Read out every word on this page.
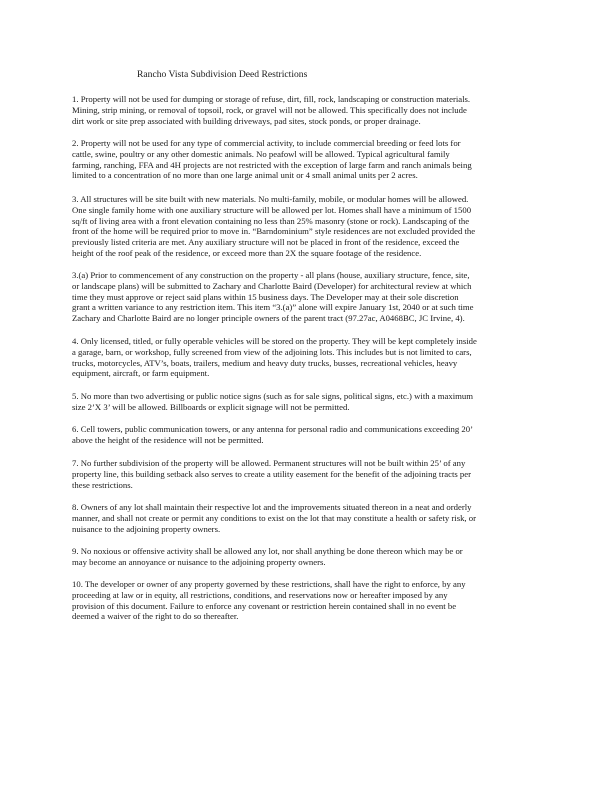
Rancho Vista Subdivision Deed Restrictions

1. Property will not be used for dumping or storage of refuse, dirt, fill, rock, landscaping or construction materials.
Mining, strip mining, or removal of topsoil, rock, or gravel will not be allowed. This specifically does not include
dirt work or site prep associated with building driveways, pad sites, stock ponds, or proper drainage.

2. Property will not be used for any type of commercial activity, to include commercial breeding or feed lots for
cattle, swine, poultry or any other domestic animals. No peafowl will be allowed. Typical agricultural family
farming, ranching, FFA and 4H projects are not restricted with the exception of large farm and ranch animals being
limited to a concentration of no more than one large animal unit or 4 small animal units per 2 acres.

3. All structures will be site built with new materials. No multi-family, mobile, or modular homes will be allowed.
One single family home with one auxiliary structure will be allowed per lot. Homes shall have a minimum of 1500
sq/ft of living area with a front elevation containing no less than 25% masonry (stone or rock). Landscaping of the
front of the home will be required prior to move in. “Barndominium” style residences are not excluded provided the
previously listed criteria are met. Any auxiliary structure will not be placed in front of the residence, exceed the
height of the roof peak of the residence, or exceed more than 2X the square footage of the residence.

3.(a) Prior to commencement of any construction on the property - all plans (house, auxiliary structure, fence, site,
or landscape plans) will be submitted to Zachary and Charlotte Baird (Developer) for architectural review at which
time they must approve or reject said plans within 15 business days. The Developer may at their sole discretion
grant a written variance to any restriction item. This item “3.(a)” alone will expire January 1st, 2040 or at such time
Zachary and Charlotte Baird are no longer principle owners of the parent tract (97.27ac, A0468BC, JC Irvine, 4).

4. Only licensed, titled, or fully operable vehicles will be stored on the property. They will be kept completely inside
a garage, barn, or workshop, fully screened from view of the adjoining lots. This includes but is not limited to cars,
trucks, motorcycles, ATV’s, boats, trailers, medium and heavy duty trucks, busses, recreational vehicles, heavy
equipment, aircraft, or farm equipment.

5. No more than two advertising or public notice signs (such as for sale signs, political signs, etc.) with a maximum
size 2’X 3’ will be allowed. Billboards or explicit signage will not be permitted.

6. Cell towers, public communication towers, or any antenna for personal radio and communications exceeding 20’
above the height of the residence will not be permitted.

7. No further subdivision of the property will be allowed. Permanent structures will not be built within 25’ of any
property line, this building setback also serves to create a utility easement for the benefit of the adjoining tracts per
these restrictions.

8. Owners of any lot shall maintain their respective lot and the improvements situated thereon in a neat and orderly
manner, and shall not create or permit any conditions to exist on the lot that may constitute a health or safety risk, or
nuisance to the adjoining property owners.

9. No noxious or offensive activity shall be allowed any lot, nor shall anything be done thereon which may be or
may become an annoyance or nuisance to the adjoining property owners.

10. The developer or owner of any property governed by these restrictions, shall have the right to enforce, by any
proceeding at law or in equity, all restrictions, conditions, and reservations now or hereafter imposed by any
provision of this document. Failure to enforce any covenant or restriction herein contained shall in no event be
deemed a waiver of the right to do so thereafter.
